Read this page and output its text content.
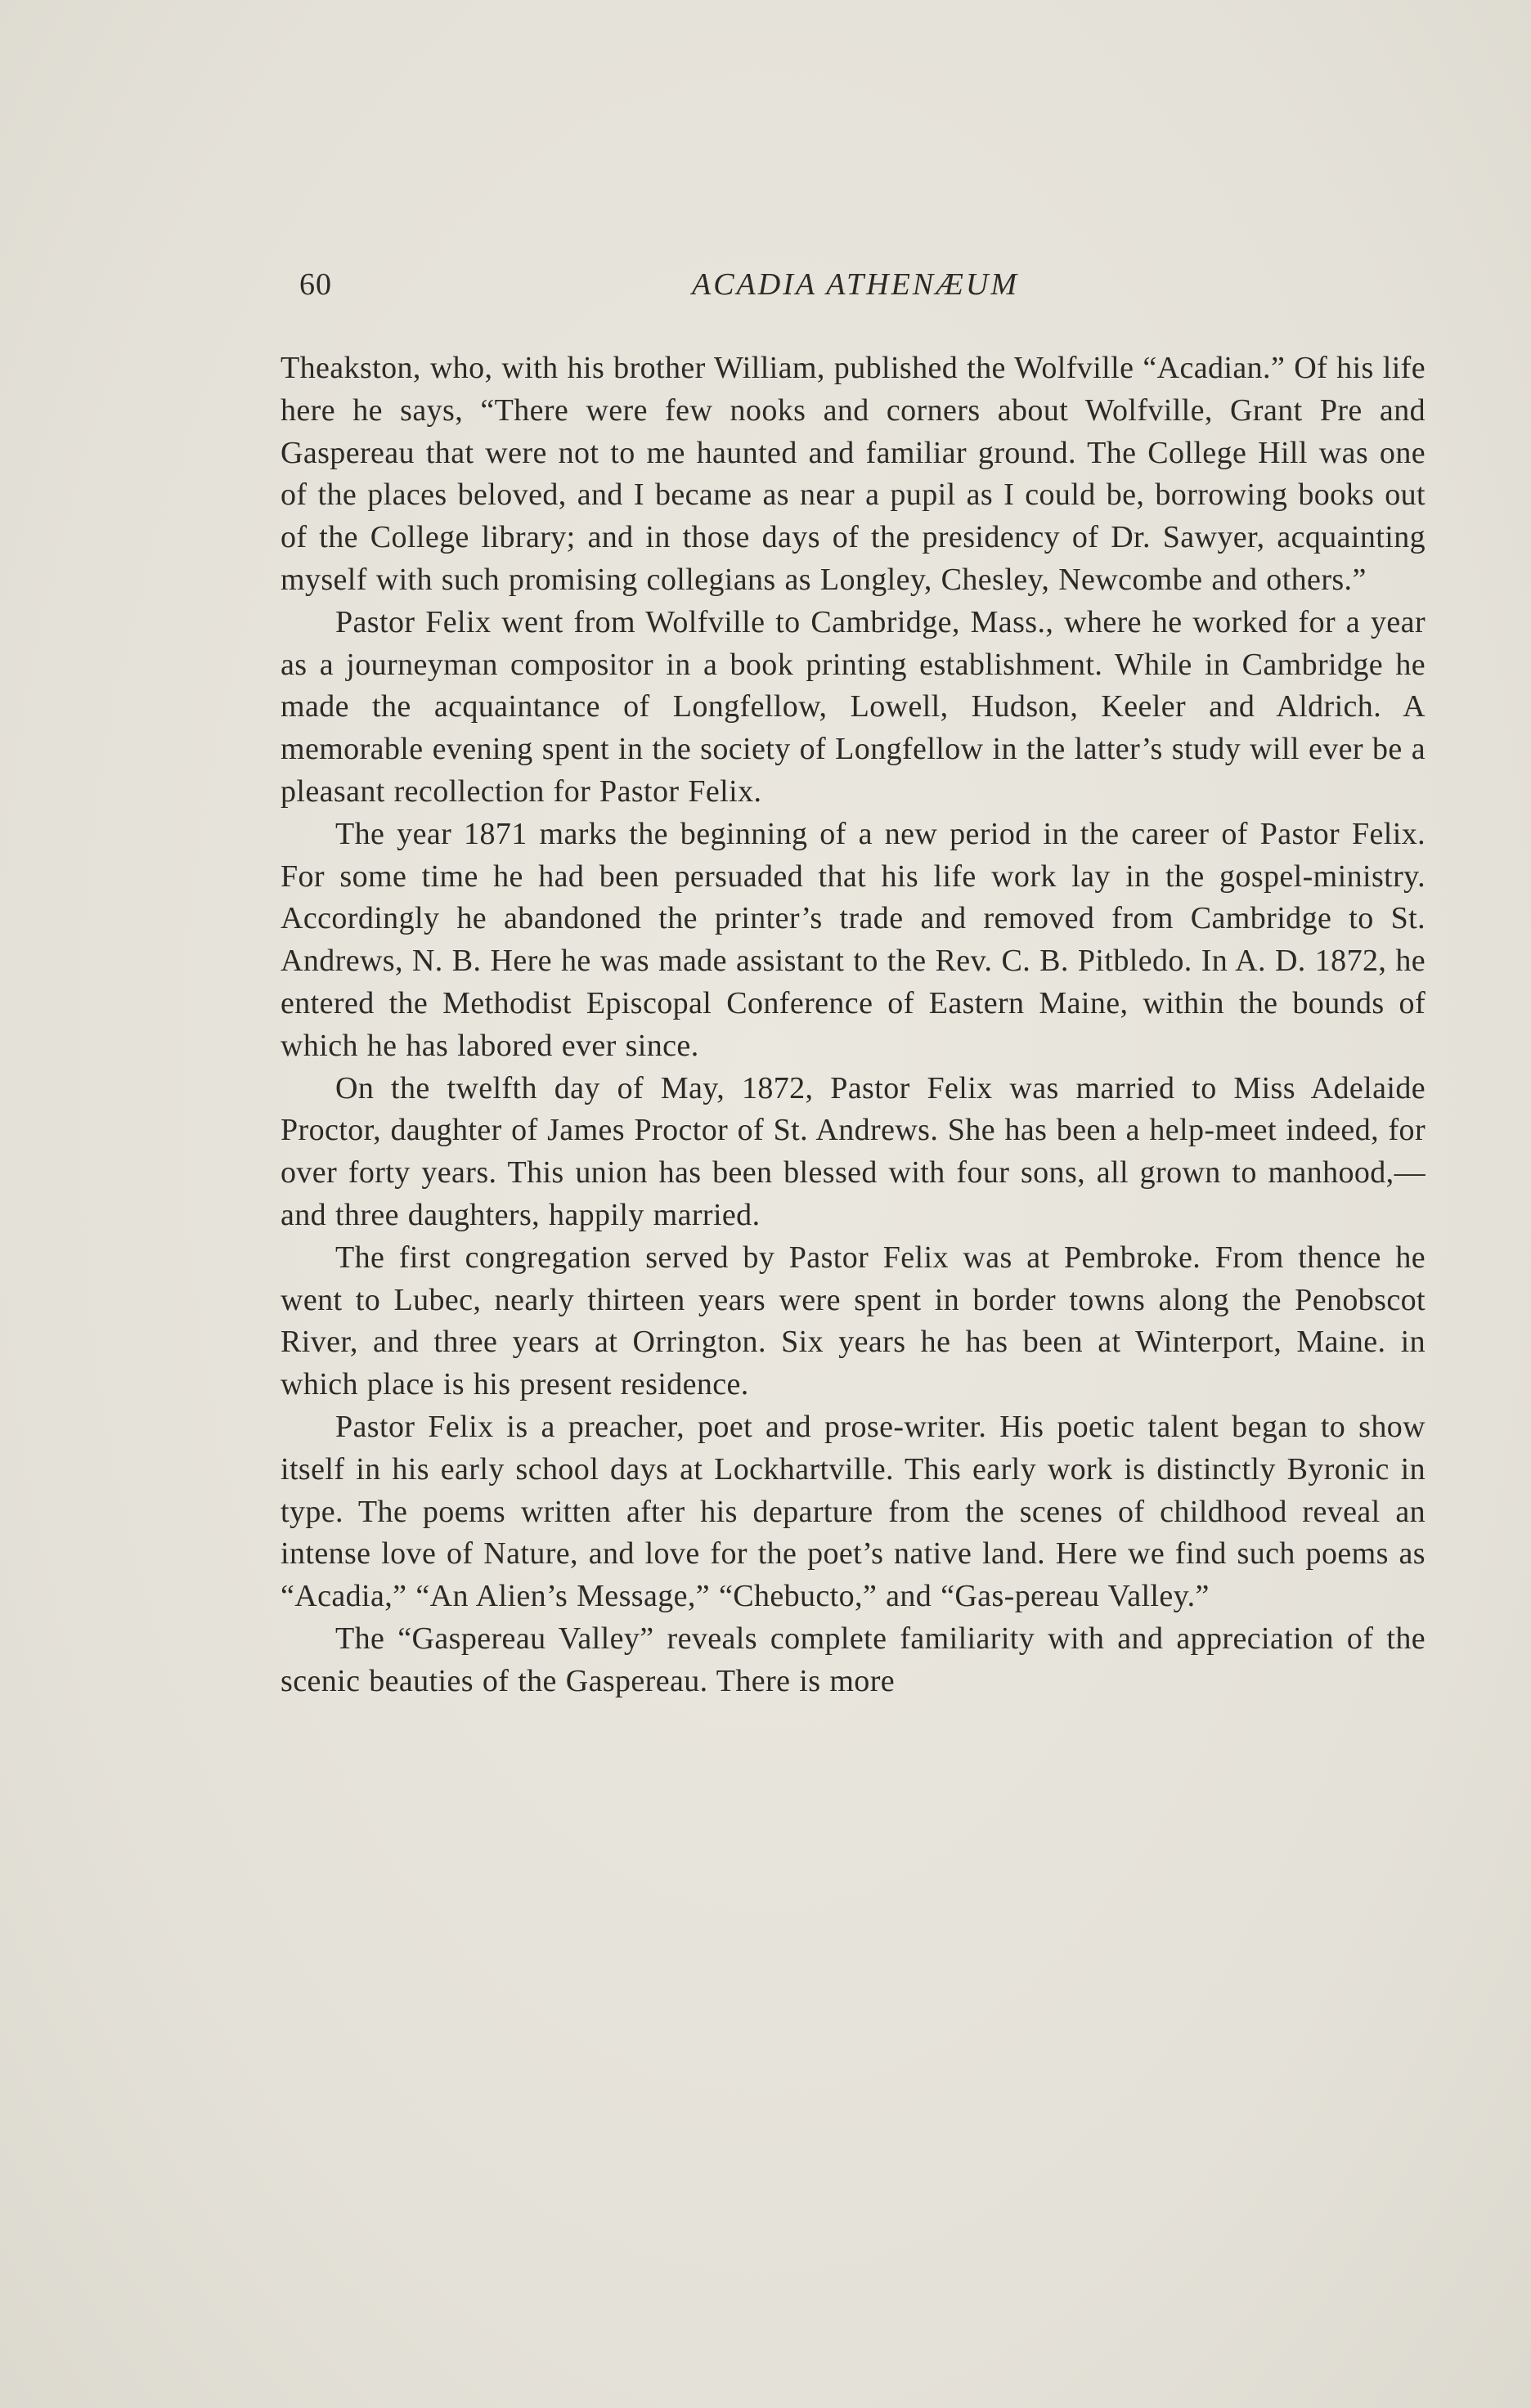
60	ACADIA ATHENÆUM

Theakston, who, with his brother William, published the Wolfville “Acadian.” Of his life here he says, “There were few nooks and corners about Wolfville, Grant Pre and Gaspereau that were not to me haunted and familiar ground. The College Hill was one of the places beloved, and I became as near a pupil as I could be, borrowing books out of the College library; and in those days of the presidency of Dr. Sawyer, acquainting myself with such promising collegians as Longley, Chesley, Newcombe and others.”

Pastor Felix went from Wolfville to Cambridge, Mass., where he worked for a year as a journeyman compositor in a book printing establishment. While in Cambridge he made the acquaintance of Longfellow, Lowell, Hudson, Keeler and Aldrich. A memorable evening spent in the society of Longfellow in the latter’s study will ever be a pleasant recollection for Pastor Felix.

The year 1871 marks the beginning of a new period in the career of Pastor Felix. For some time he had been persuaded that his life work lay in the gospel-ministry. Accordingly he abandoned the printer’s trade and removed from Cambridge to St. Andrews, N. B. Here he was made assistant to the Rev. C. B. Pitbledo. In A. D. 1872, he entered the Methodist Episcopal Conference of Eastern Maine, within the bounds of which he has labored ever since.

On the twelfth day of May, 1872, Pastor Felix was married to Miss Adelaide Proctor, daughter of James Proctor of St. Andrews. She has been a help-meet indeed, for over forty years. This union has been blessed with four sons, all grown to manhood,— and three daughters, happily married.

The first congregation served by Pastor Felix was at Pembroke. From thence he went to Lubec, nearly thirteen years were spent in border towns along the Penobscot River, and three years at Orrington. Six years he has been at Winterport, Maine. in which place is his present residence.

Pastor Felix is a preacher, poet and prose-writer. His poetic talent began to show itself in his early school days at Lockhartville. This early work is distinctly Byronic in type. The poems written after his departure from the scenes of childhood reveal an intense love of Nature, and love for the poet’s native land. Here we find such poems as “Acadia,” “An Alien’s Message,” “Chebucto,” and “Gas-pereau Valley.”

The “Gaspereau Valley” reveals complete familiarity with and appreciation of the scenic beauties of the Gaspereau. There is more
